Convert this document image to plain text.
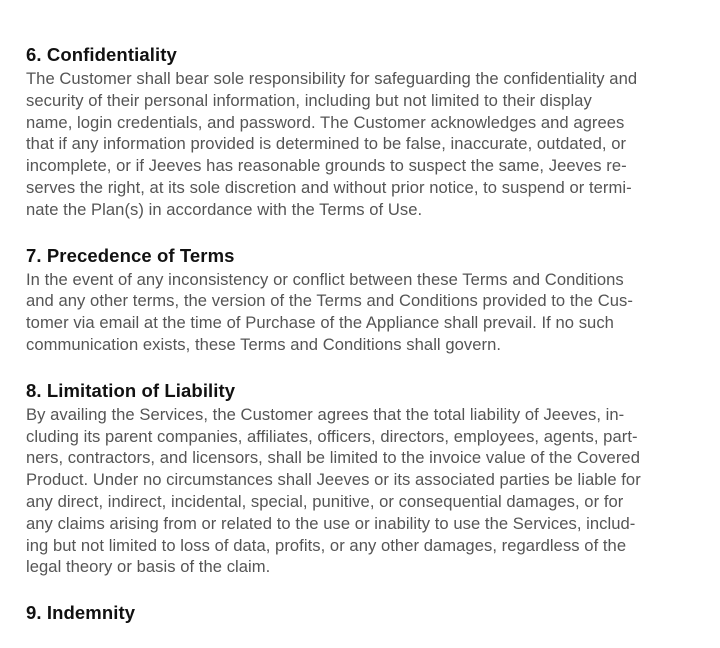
6. Confidentiality

The Customer shall bear sole responsibility for safeguarding the confidentiality and
security of their personal information, including but not limited to their display
name, login credentials, and password. The Customer acknowledges and agrees
that if any information provided is determined to be false, inaccurate, outdated, or
incomplete, or if Jeeves has reasonable grounds to suspect the same, Jeeves re-
serves the right, at its sole discretion and without prior notice, to suspend or termi-
nate the Plan(s) in accordance with the Terms of Use.

7. Precedence of Terms

In the event of any inconsistency or conflict between these Terms and Conditions
and any other terms, the version of the Terms and Conditions provided to the Cus-
tomer via email at the time of Purchase of the Appliance shall prevail. If no such
communication exists, these Terms and Conditions shall govern.

8. Limitation of Liability

By availing the Services, the Customer agrees that the total liability of Jeeves, in-
cluding its parent companies, affiliates, officers, directors, employees, agents, part-
ners, contractors, and licensors, shall be limited to the invoice value of the Covered
Product. Under no circumstances shall Jeeves or its associated parties be liable for
any direct, indirect, incidental, special, punitive, or consequential damages, or for
any claims arising from or related to the use or inability to use the Services, includ-
ing but not limited to loss of data, profits, or any other damages, regardless of the
legal theory or basis of the claim.

9. Indemnity
